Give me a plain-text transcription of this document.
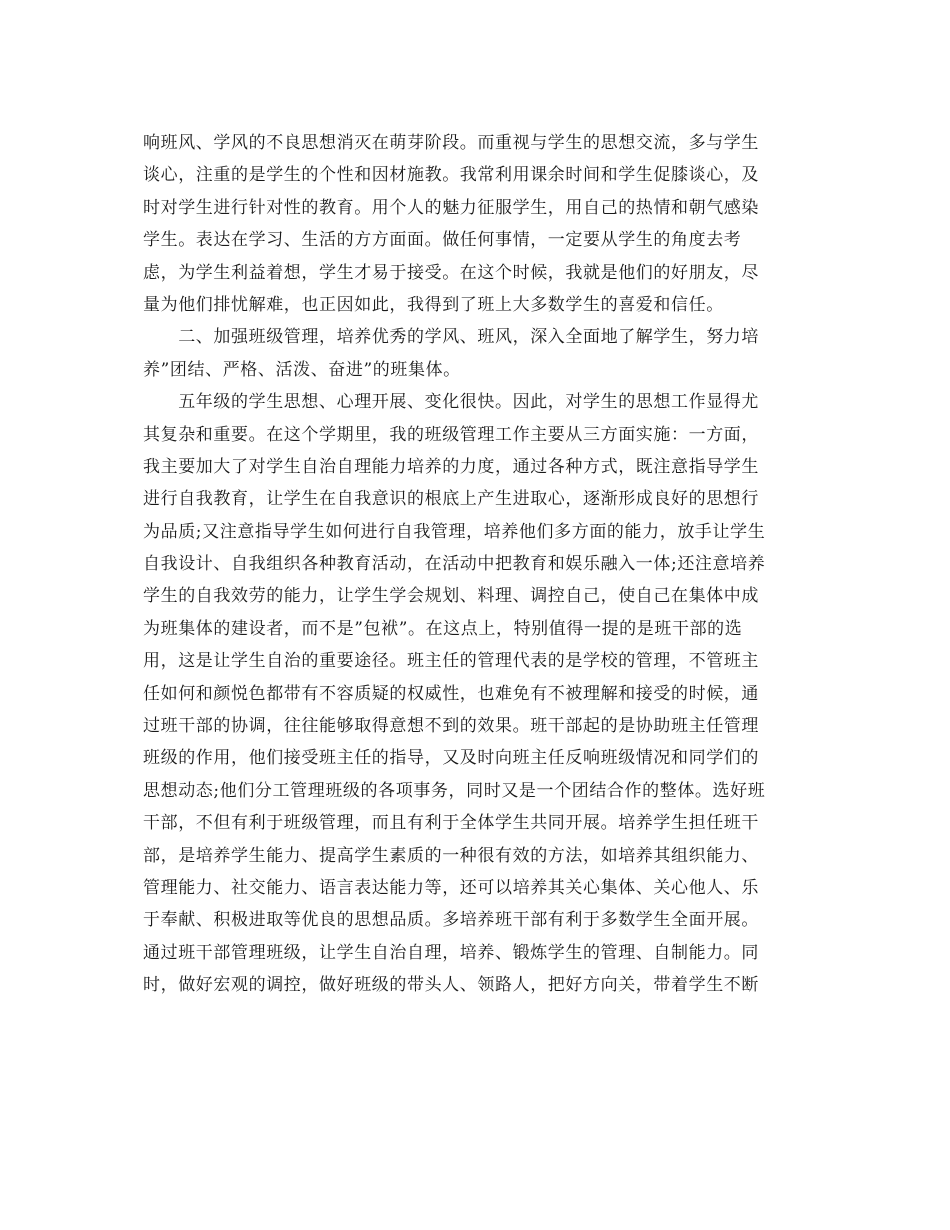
响班风、学风的不良思想消灭在萌芽阶段。而重视与学生的思想交流，多与学生
谈心，注重的是学生的个性和因材施教。我常利用课余时间和学生促膝谈心，及
时对学生进行针对性的教育。用个人的魅力征服学生，用自己的热情和朝气感染
学生。表达在学习、生活的方方面面。做任何事情，一定要从学生的角度去考
虑，为学生利益着想，学生才易于接受。在这个时候，我就是他们的好朋友，尽
量为他们排忧解难，也正因如此，我得到了班上大多数学生的喜爱和信任。
　　二、加强班级管理，培养优秀的学风、班风，深入全面地了解学生，努力培
养”团结、严格、活泼、奋进”的班集体。
　　五年级的学生思想、心理开展、变化很快。因此，对学生的思想工作显得尤
其复杂和重要。在这个学期里，我的班级管理工作主要从三方面实施：一方面，
我主要加大了对学生自治自理能力培养的力度，通过各种方式，既注意指导学生
进行自我教育，让学生在自我意识的根底上产生进取心，逐渐形成良好的思想行
为品质;又注意指导学生如何进行自我管理，培养他们多方面的能力，放手让学生
自我设计、自我组织各种教育活动，在活动中把教育和娱乐融入一体;还注意培养
学生的自我效劳的能力，让学生学会规划、料理、调控自己，使自己在集体中成
为班集体的建设者，而不是”包袱”。在这点上，特别值得一提的是班干部的选
用，这是让学生自治的重要途径。班主任的管理代表的是学校的管理，不管班主
任如何和颜悦色都带有不容质疑的权威性，也难免有不被理解和接受的时候，通
过班干部的协调，往往能够取得意想不到的效果。班干部起的是协助班主任管理
班级的作用，他们接受班主任的指导，又及时向班主任反响班级情况和同学们的
思想动态;他们分工管理班级的各项事务，同时又是一个团结合作的整体。选好班
干部，不但有利于班级管理，而且有利于全体学生共同开展。培养学生担任班干
部，是培养学生能力、提高学生素质的一种很有效的方法，如培养其组织能力、
管理能力、社交能力、语言表达能力等，还可以培养其关心集体、关心他人、乐
于奉献、积极进取等优良的思想品质。多培养班干部有利于多数学生全面开展。
通过班干部管理班级，让学生自治自理，培养、锻炼学生的管理、自制能力。同
时，做好宏观的调控，做好班级的带头人、领路人，把好方向关，带着学生不断
